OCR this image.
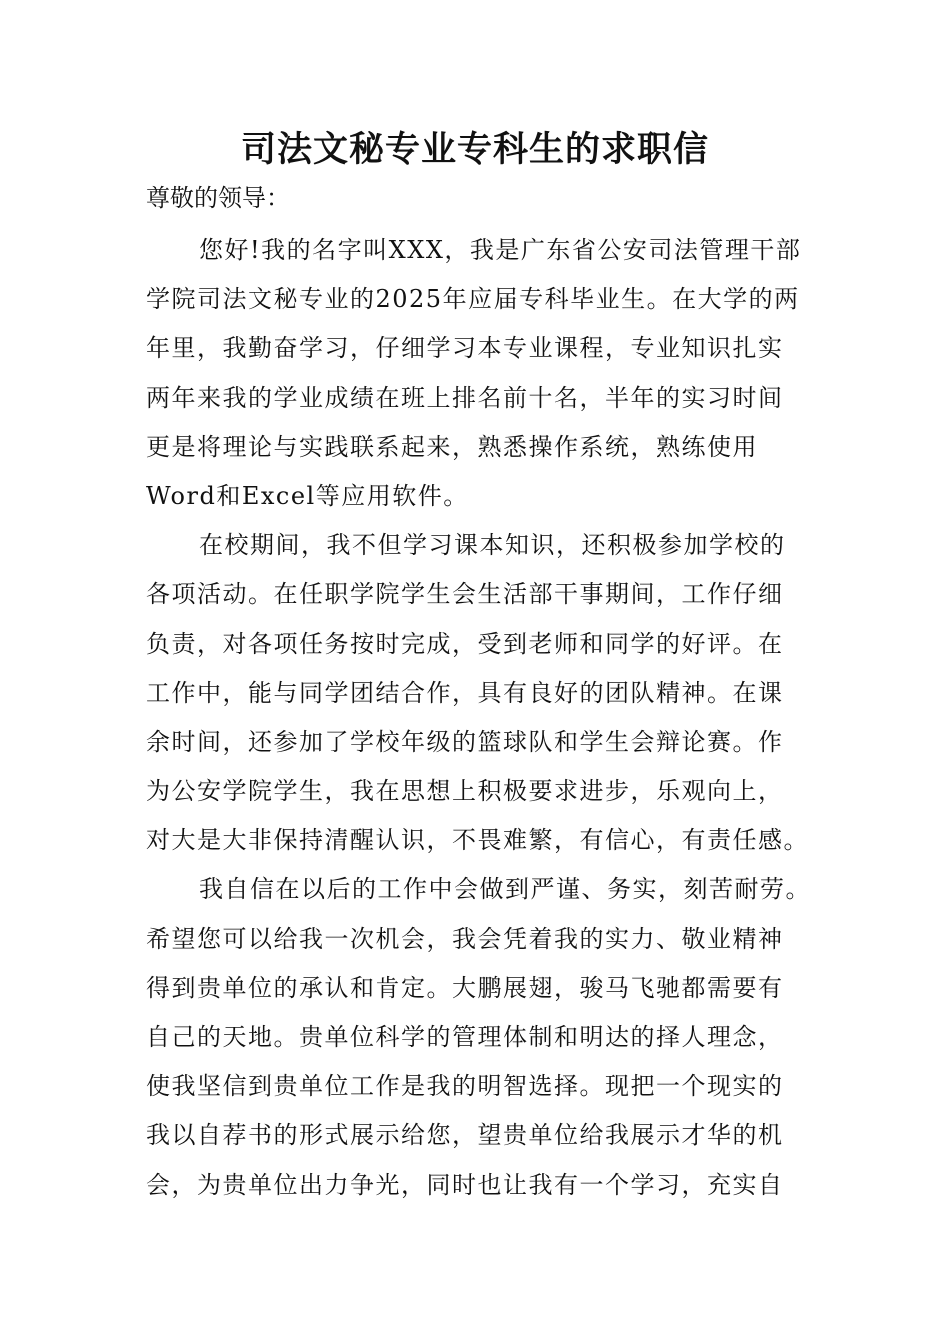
司法文秘专业专科生的求职信
尊敬的领导：
您好!我的名字叫XXX，我是广东省公安司法管理干部
学院司法文秘专业的2025年应届专科毕业生。在大学的两
年里，我勤奋学习，仔细学习本专业课程，专业知识扎实
两年来我的学业成绩在班上排名前十名，半年的实习时间
更是将理论与实践联系起来，熟悉操作系统，熟练使用
Word和Excel等应用软件。
在校期间，我不但学习课本知识，还积极参加学校的
各项活动。在任职学院学生会生活部干事期间，工作仔细
负责，对各项任务按时完成，受到老师和同学的好评。在
工作中，能与同学团结合作，具有良好的团队精神。在课
余时间，还参加了学校年级的篮球队和学生会辩论赛。作
为公安学院学生，我在思想上积极要求进步，乐观向上，
对大是大非保持清醒认识，不畏难繁，有信心，有责任感。
我自信在以后的工作中会做到严谨、务实，刻苦耐劳。
希望您可以给我一次机会，我会凭着我的实力、敬业精神
得到贵单位的承认和肯定。大鹏展翅，骏马飞驰都需要有
自己的天地。贵单位科学的管理体制和明达的择人理念，
使我坚信到贵单位工作是我的明智选择。现把一个现实的
我以自荐书的形式展示给您，望贵单位给我展示才华的机
会，为贵单位出力争光，同时也让我有一个学习，充实自
